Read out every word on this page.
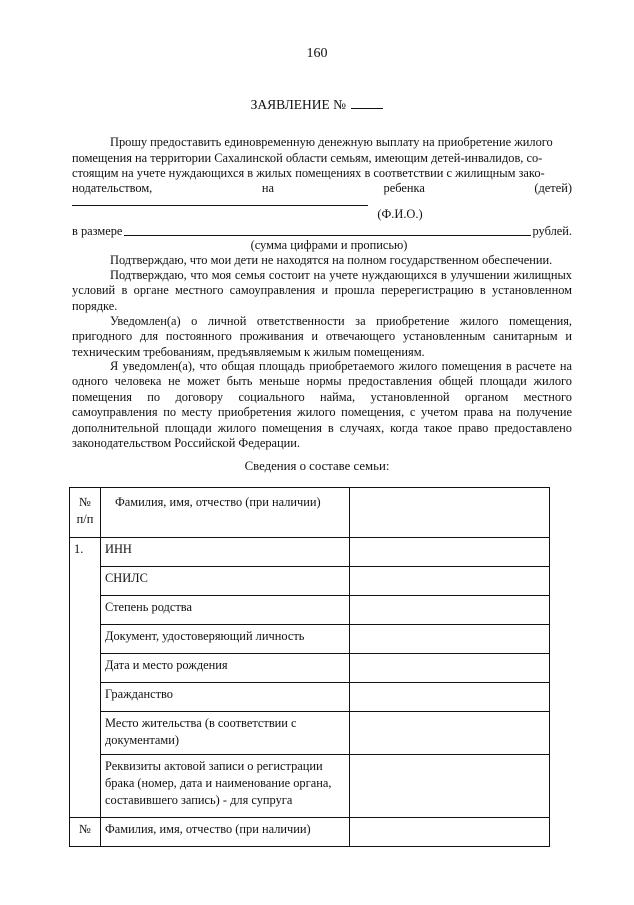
160
ЗАЯВЛЕНИЕ №
Прошу предоставить единовременную денежную выплату на приобретение жилого
помещения на территории Сахалинской области семьям, имеющим детей-инвалидов, со-
стоящим на учете нуждающихся в жилых помещениях в соответствии с жилищным зако-
нодательством,	на	ребенка	(детей)
(Ф.И.О.)
в размере	рублей.
(сумма цифрами и прописью)
Подтверждаю, что мои дети не находятся на полном государственном обеспечении.
Подтверждаю, что моя семья состоит на учете нуждающихся в улучшении жилищных условий в органе местного самоуправления и прошла перерегистрацию в установленном порядке.
Уведомлен(а) о личной ответственности за приобретение жилого помещения, пригодного для постоянного проживания и отвечающего установленным санитарным и техническим требованиям, предъявляемым к жилым помещениям.
Я уведомлен(а), что общая площадь приобретаемого жилого помещения в расчете на одного человека не может быть меньше нормы предоставления общей площади жилого помещения по договору социального найма, установленной органом местного самоуправления по месту приобретения жилого помещения, с учетом права на получение дополнительной площади жилого помещения в случаях, когда такое право предоставлено законодательством Российской Федерации.
Сведения о составе семьи:
№ п/п	Фамилия, имя, отчество (при наличии)	
1.	ИНН	
	СНИЛС	
	Степень родства	
	Документ, удостоверяющий личность	
	Дата и место рождения	
	Гражданство	
	Место жительства (в соответствии с документами)	
	Реквизиты актовой записи о регистрации брака (номер, дата и наименование органа, составившего запись) - для супруга	
№	Фамилия, имя, отчество (при наличии)	
